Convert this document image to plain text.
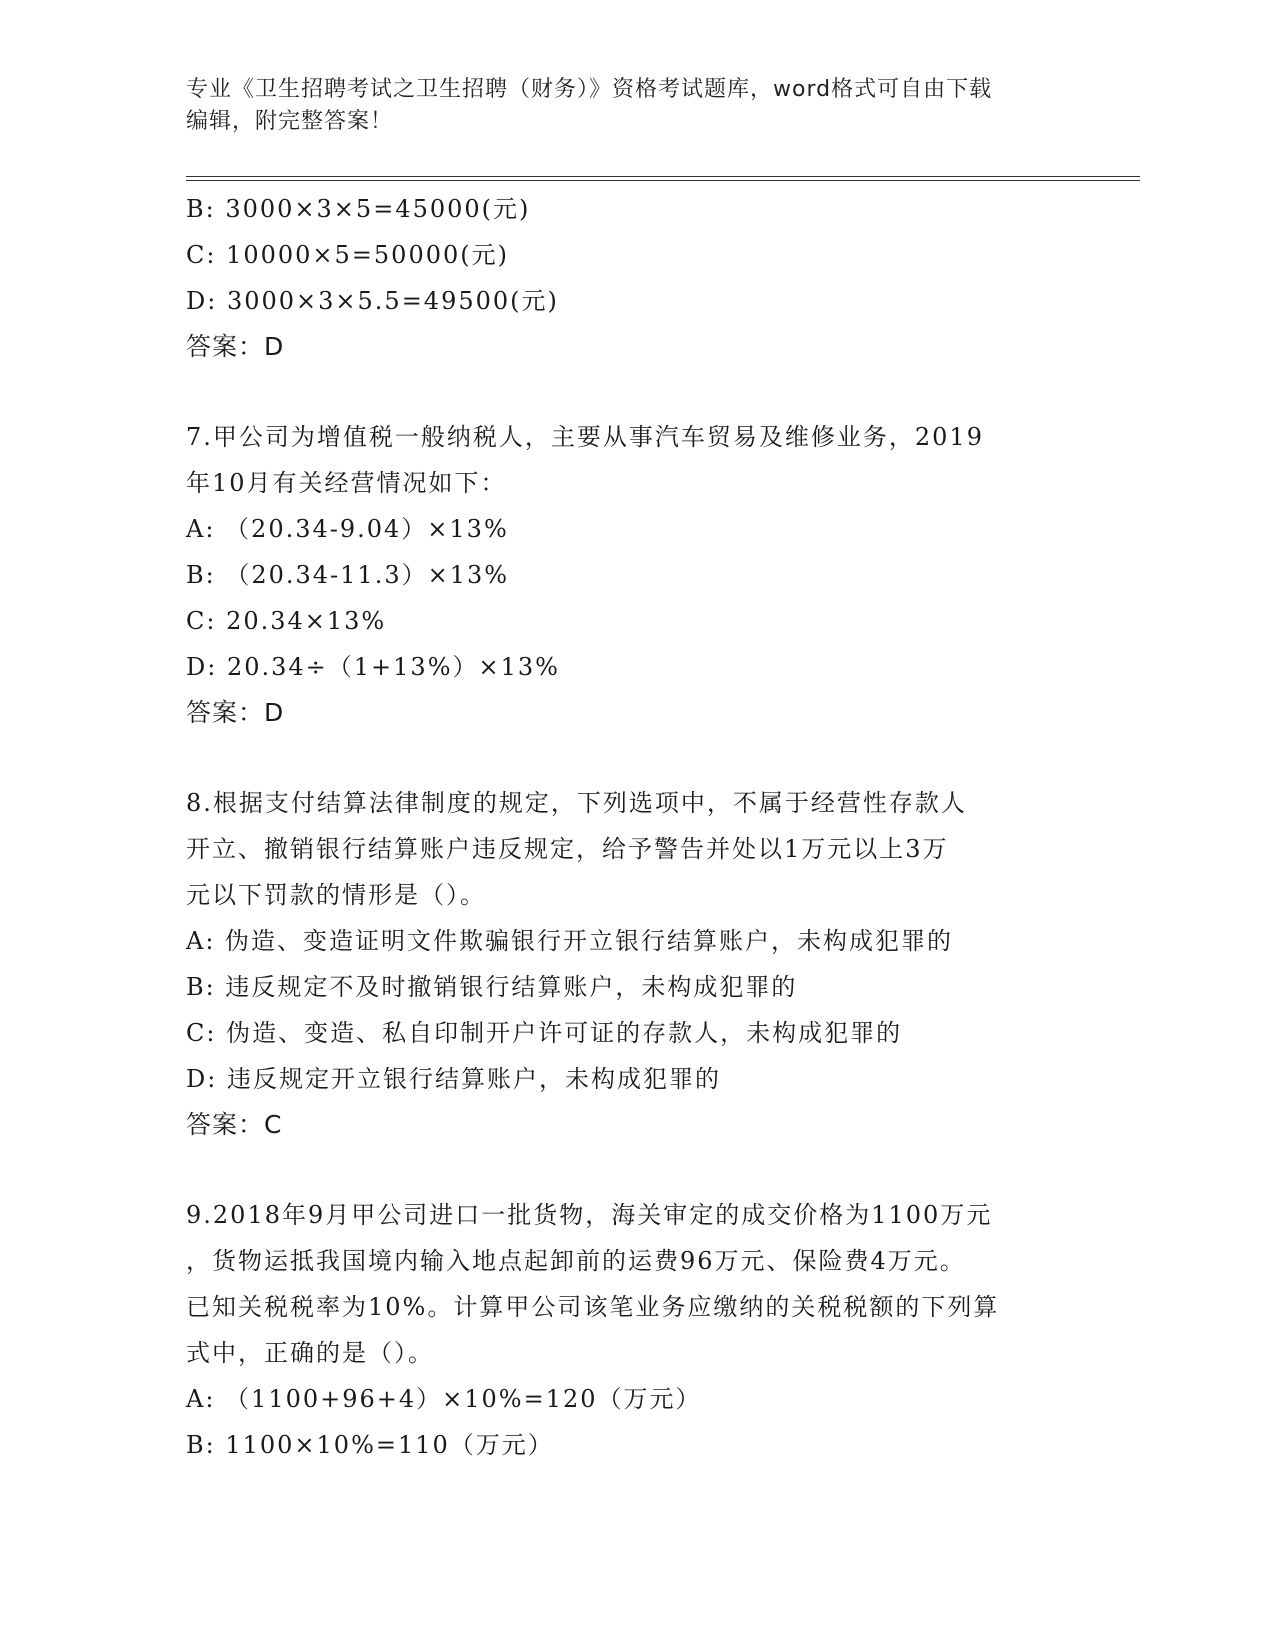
专业《卫生招聘考试之卫生招聘（财务）》资格考试题库，word格式可自由下载
编辑，附完整答案！
B: 3000×3×5=45000(元)
C: 10000×5=50000(元)
D: 3000×3×5.5=49500(元)
答案：D
7.甲公司为增值税一般纳税人，主要从事汽车贸易及维修业务，2019
年10月有关经营情况如下：
A: （20.34-9.04）×13%
B: （20.34-11.3）×13%
C: 20.34×13%
D: 20.34÷（1+13%）×13%
答案：D
8.根据支付结算法律制度的规定，下列选项中，不属于经营性存款人
开立、撤销银行结算账户违反规定，给予警告并处以1万元以上3万
元以下罚款的情形是（）。
A: 伪造、变造证明文件欺骗银行开立银行结算账户，未构成犯罪的
B: 违反规定不及时撤销银行结算账户，未构成犯罪的
C: 伪造、变造、私自印制开户许可证的存款人，未构成犯罪的
D: 违反规定开立银行结算账户，未构成犯罪的
答案：C
9.2018年9月甲公司进口一批货物，海关审定的成交价格为1100万元
，货物运抵我国境内输入地点起卸前的运费96万元、保险费4万元。
已知关税税率为10%。计算甲公司该笔业务应缴纳的关税税额的下列算
式中，正确的是（）。
A: （1100+96+4）×10%=120（万元）
B: 1100×10%=110（万元）
